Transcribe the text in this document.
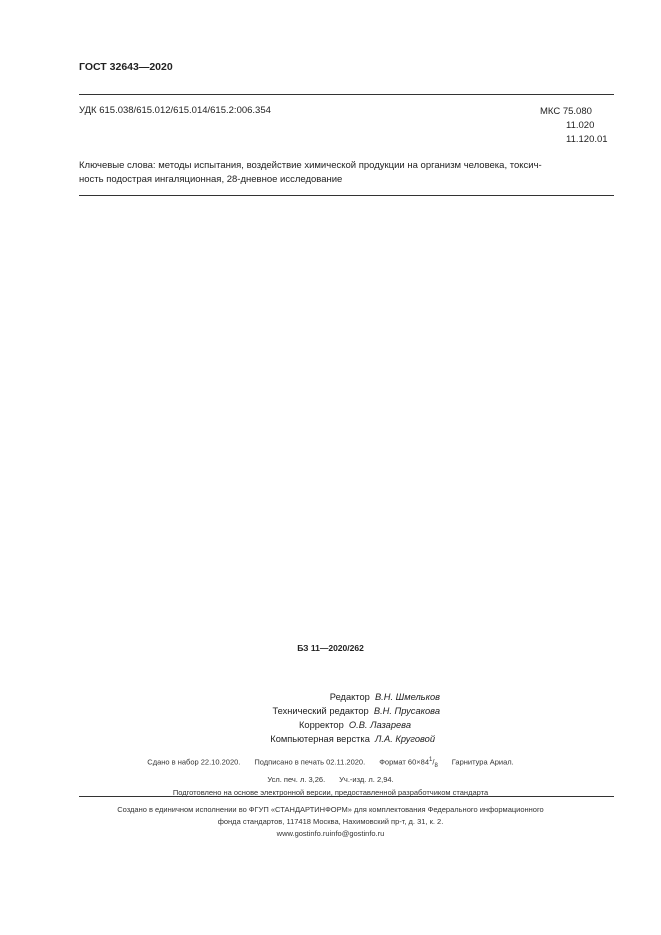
ГОСТ 32643—2020
УДК 615.038/615.012/615.014/615.2:006.354	МКС 75.080
11.020
11.120.01
Ключевые слова: методы испытания, воздействие химической продукции на организм человека, токсич-
ность подострая ингаляционная, 28-дневное исследование
БЗ 11—2020/262
Редактор В.Н. Шмельков
Технический редактор В.Н. Прусакова
Корректор О.В. Лазарева
Компьютерная верстка Л.А. Круговой
Сдано в набор 22.10.2020. Подписано в печать 02.11.2020. Формат $60\times 84^1/_8$ Гарнитура Ариал.
Усл. печ. л. 3,26. Уч.-изд. л. 2,94.
Подготовлено на основе электронной версии, предоставленной разработчиком стандарта
Создано в единичном исполнении во ФГУП «СТАНДАРТИНФОРМ» для комплектования Федерального информационного
фонда стандартов, 117418 Москва, Нахимовский пр-т, д. 31, к. 2.
www.gostinfo.ruinfo@gostinfo.ru
